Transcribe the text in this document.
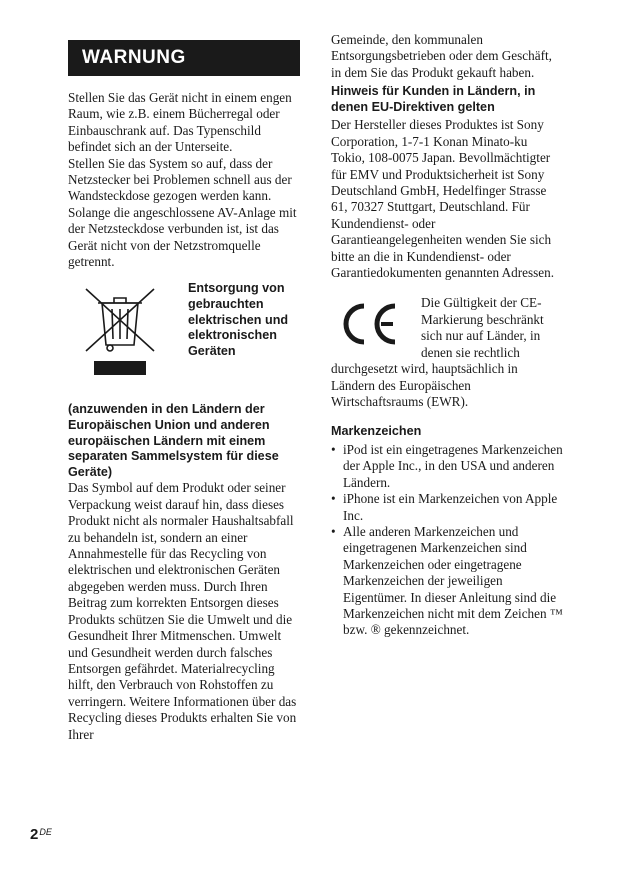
WARNUNG

Stellen Sie das Gerät nicht in einem engen Raum, wie z.B. einem Bücherregal oder Einbauschrank auf. Das Typenschild befindet sich an der Unterseite.

Stellen Sie das System so auf, dass der Netzstecker bei Problemen schnell aus der Wandsteckdose gezogen werden kann.

Solange die angeschlossene AV-Anlage mit der Netzsteckdose verbunden ist, ist das Gerät nicht von der Netzstromquelle getrennt.

Entsorgung von gebrauchten elektrischen und elektronischen Geräten

(anzuwenden in den Ländern der Europäischen Union und anderen europäischen Ländern mit einem separaten Sammelsystem für diese Geräte)

Das Symbol auf dem Produkt oder seiner Verpackung weist darauf hin, dass dieses Produkt nicht als normaler Haushaltsabfall zu behandeln ist, sondern an einer Annahmestelle für das Recycling von elektrischen und elektronischen Geräten abgegeben werden muss. Durch Ihren Beitrag zum korrekten Entsorgen dieses Produkts schützen Sie die Umwelt und die Gesundheit Ihrer Mitmenschen. Umwelt und Gesundheit werden durch falsches Entsorgen gefährdet. Materialrecycling hilft, den Verbrauch von Rohstoffen zu verringern. Weitere Informationen über das Recycling dieses Produkts erhalten Sie von Ihrer

Gemeinde, den kommunalen Entsorgungsbetrieben oder dem Geschäft, in dem Sie das Produkt gekauft haben.

Hinweis für Kunden in Ländern, in denen EU-Direktiven gelten

Der Hersteller dieses Produktes ist Sony Corporation, 1-7-1 Konan Minato-ku Tokio, 108-0075 Japan. Bevollmächtigter für EMV und Produktsicherheit ist Sony Deutschland GmbH, Hedelfinger Strasse 61, 70327 Stuttgart, Deutschland. Für Kundendienst- oder Garantieangelegenheiten wenden Sie sich bitte an die in Kundendienst- oder Garantiedokumenten genannten Adressen.

Die Gültigkeit der CE-Markierung beschränkt sich nur auf Länder, in denen sie rechtlich durchgesetzt wird, hauptsächlich in Ländern des Europäischen Wirtschaftsraums (EWR).

Markenzeichen

• iPod ist ein eingetragenes Markenzeichen der Apple Inc., in den USA und anderen Ländern.
• iPhone ist ein Markenzeichen von Apple Inc.
• Alle anderen Markenzeichen und eingetragenen Markenzeichen sind Markenzeichen oder eingetragene Markenzeichen der jeweiligen Eigentümer. In dieser Anleitung sind die Markenzeichen nicht mit dem Zeichen ™ bzw. ® gekennzeichnet.
2DE
